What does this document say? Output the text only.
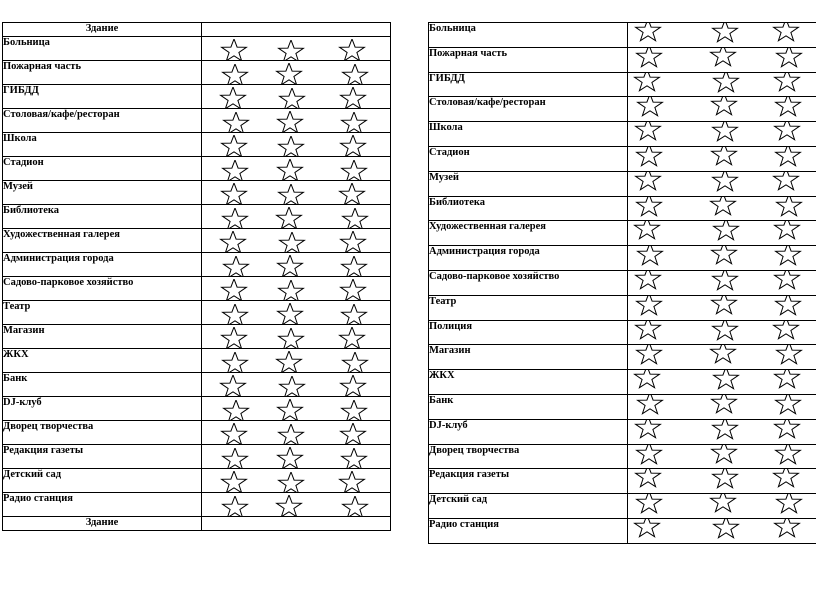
Здание	
Больница	

Пожарная часть	

ГИБДД	

Столовая/кафе/ресторан	

Школа	

Стадион	

Музей	

Библиотека	

Художественная галерея	

Администрация города	

Садово-парковое хозяйство	

Театр	

Магазин	

ЖКХ	

Банк	

DJ-клуб	

Дворец творчества	

Редакция газеты	

Детский сад	

Радио станция	

Здание	
Больница	

Пожарная часть	

ГИБДД	

Столовая/кафе/ресторан	

Школа	

Стадион	

Музей	

Библиотека	

Художественная галерея	

Администрация города	

Садово-парковое хозяйство	

Театр	

Полиция	

Магазин	

ЖКХ	

Банк	

DJ-клуб	

Дворец творчества	

Редакция газеты	

Детский сад	

Радио станция	
